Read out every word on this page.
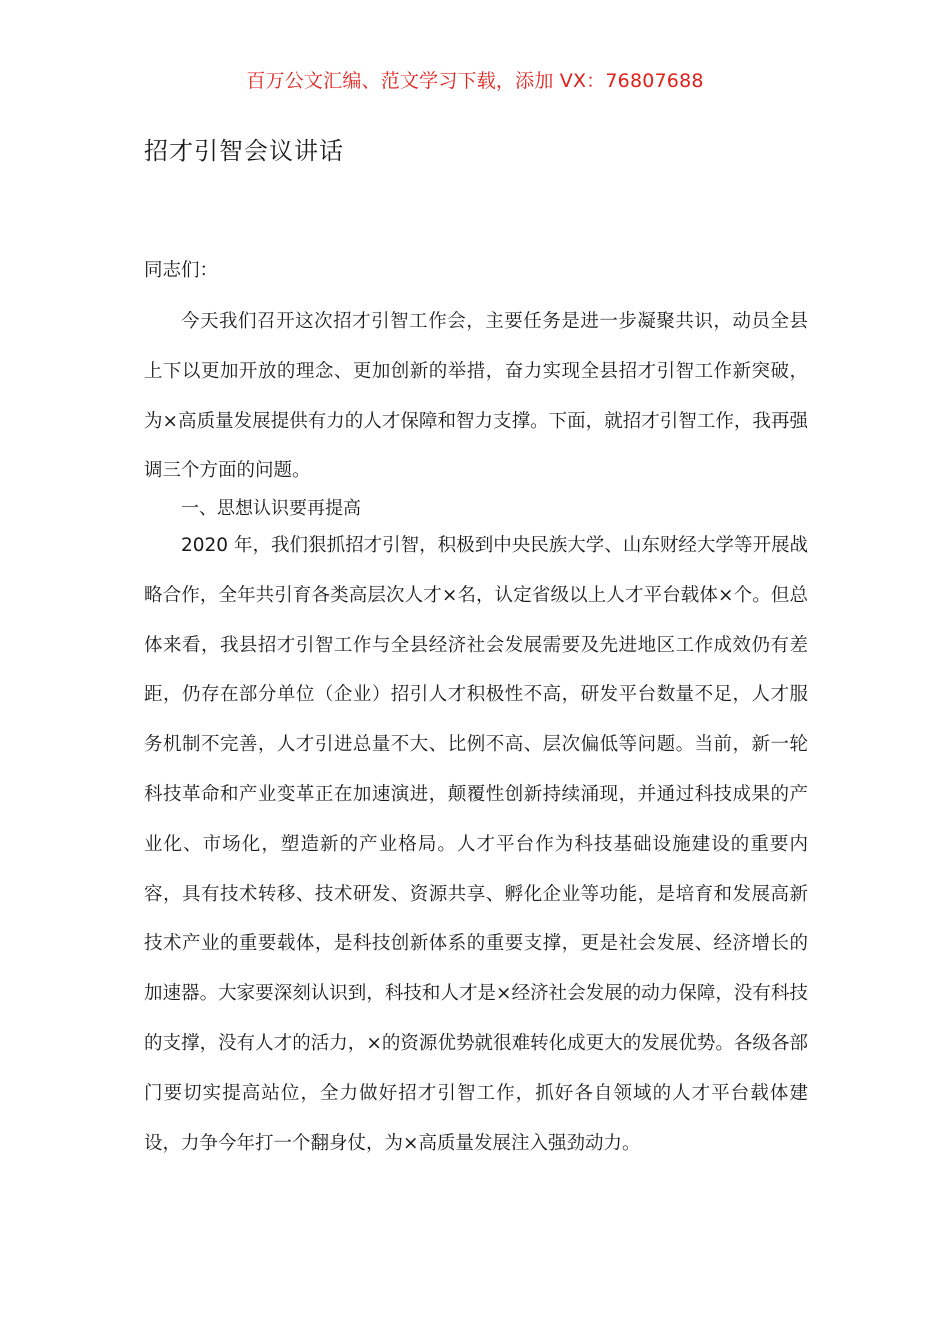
百万公文汇编、范文学习下载，添加 VX：76807688
招才引智会议讲话
同志们：

今天我们召开这次招才引智工作会，主要任务是进一步凝聚共识，动员全县上下以更加开放的理念、更加创新的举措，奋力实现全县招才引智工作新突破，为×高质量发展提供有力的人才保障和智力支撑。下面，就招才引智工作，我再强调三个方面的问题。

一、思想认识要再提高

2020 年，我们狠抓招才引智，积极到中央民族大学、山东财经大学等开展战略合作，全年共引育各类高层次人才×名，认定省级以上人才平台载体×个。但总体来看，我县招才引智工作与全县经济社会发展需要及先进地区工作成效仍有差距，仍存在部分单位（企业）招引人才积极性不高，研发平台数量不足，人才服务机制不完善，人才引进总量不大、比例不高、层次偏低等问题。当前，新一轮科技革命和产业变革正在加速演进，颠覆性创新持续涌现，并通过科技成果的产业化、市场化，塑造新的产业格局。人才平台作为科技基础设施建设的重要内容，具有技术转移、技术研发、资源共享、孵化企业等功能，是培育和发展高新技术产业的重要载体，是科技创新体系的重要支撑，更是社会发展、经济增长的加速器。大家要深刻认识到，科技和人才是×经济社会发展的动力保障，没有科技的支撑，没有人才的活力，×的资源优势就很难转化成更大的发展优势。各级各部门要切实提高站位，全力做好招才引智工作，抓好各自领域的人才平台载体建设，力争今年打一个翻身仗，为×高质量发展注入强劲动力。
